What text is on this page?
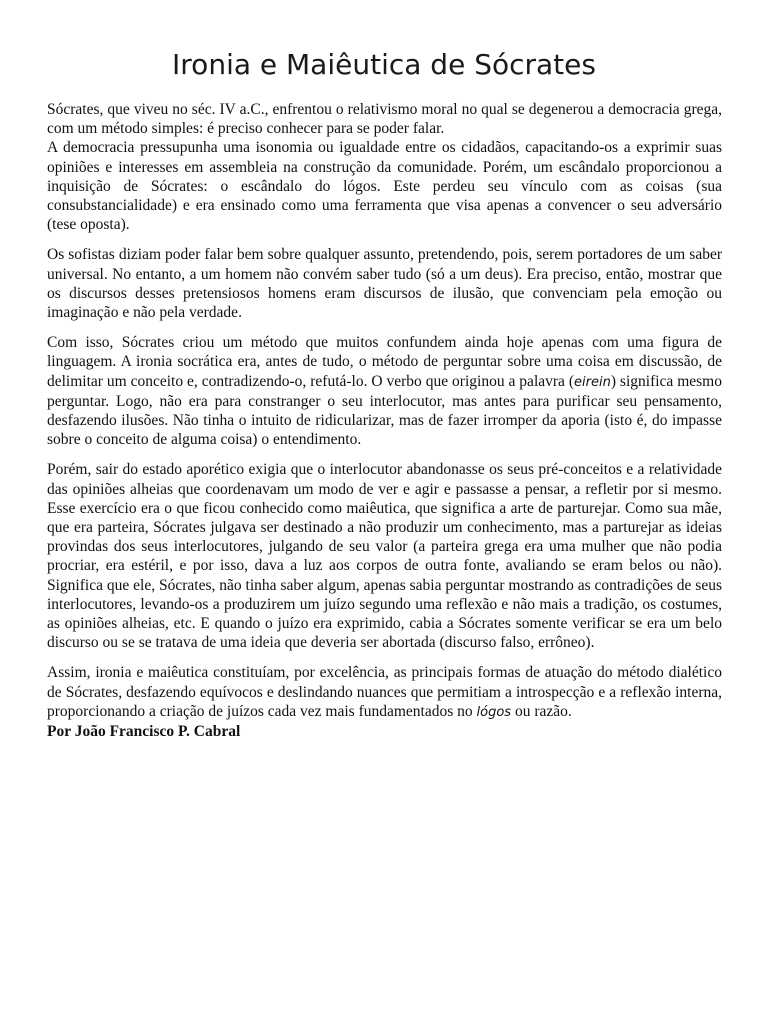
Ironia e Maiêutica de Sócrates

Sócrates, que viveu no séc. IV a.C., enfrentou o relativismo moral no qual se degenerou a democracia grega, com um método simples: é preciso conhecer para se poder falar.

A democracia pressupunha uma isonomia ou igualdade entre os cidadãos, capacitando-os a exprimir suas opiniões e interesses em assembleia na construção da comunidade. Porém, um escândalo proporcionou a inquisição de Sócrates: o escândalo do lógos. Este perdeu seu vínculo com as coisas (sua consubstancialidade) e era ensinado como uma ferramenta que visa apenas a convencer o seu adversário (tese oposta).

Os sofistas diziam poder falar bem sobre qualquer assunto, pretendendo, pois, serem portadores de um saber universal. No entanto, a um homem não convém saber tudo (só a um deus). Era preciso, então, mostrar que os discursos desses pretensiosos homens eram discursos de ilusão, que convenciam pela emoção ou imaginação e não pela verdade.

Com isso, Sócrates criou um método que muitos confundem ainda hoje apenas com uma figura de linguagem. A ironia socrática era, antes de tudo, o método de perguntar sobre uma coisa em discussão, de delimitar um conceito e, contradizendo-o, refutá-lo. O verbo que originou a palavra (eirein) significa mesmo perguntar. Logo, não era para constranger o seu interlocutor, mas antes para purificar seu pensamento, desfazendo ilusões. Não tinha o intuito de ridicularizar, mas de fazer irromper da aporia (isto é, do impasse sobre o conceito de alguma coisa) o entendimento.

Porém, sair do estado aporético exigia que o interlocutor abandonasse os seus pré-conceitos e a relatividade das opiniões alheias que coordenavam um modo de ver e agir e passasse a pensar, a refletir por si mesmo. Esse exercício era o que ficou conhecido como maiêutica, que significa a arte de parturejar. Como sua mãe, que era parteira, Sócrates julgava ser destinado a não produzir um conhecimento, mas a parturejar as ideias provindas dos seus interlocutores, julgando de seu valor (a parteira grega era uma mulher que não podia procriar, era estéril, e por isso, dava a luz aos corpos de outra fonte, avaliando se eram belos ou não). Significa que ele, Sócrates, não tinha saber algum, apenas sabia perguntar mostrando as contradições de seus interlocutores, levando-os a produzirem um juízo segundo uma reflexão e não mais a tradição, os costumes, as opiniões alheias, etc. E quando o juízo era exprimido, cabia a Sócrates somente verificar se era um belo discurso ou se se tratava de uma ideia que deveria ser abortada (discurso falso, errôneo).

Assim, ironia e maiêutica constituíam, por excelência, as principais formas de atuação do método dialético de Sócrates, desfazendo equívocos e deslindando nuances que permitiam a introspecção e a reflexão interna, proporcionando a criação de juízos cada vez mais fundamentados no lógos ou razão.

Por João Francisco P. Cabral
